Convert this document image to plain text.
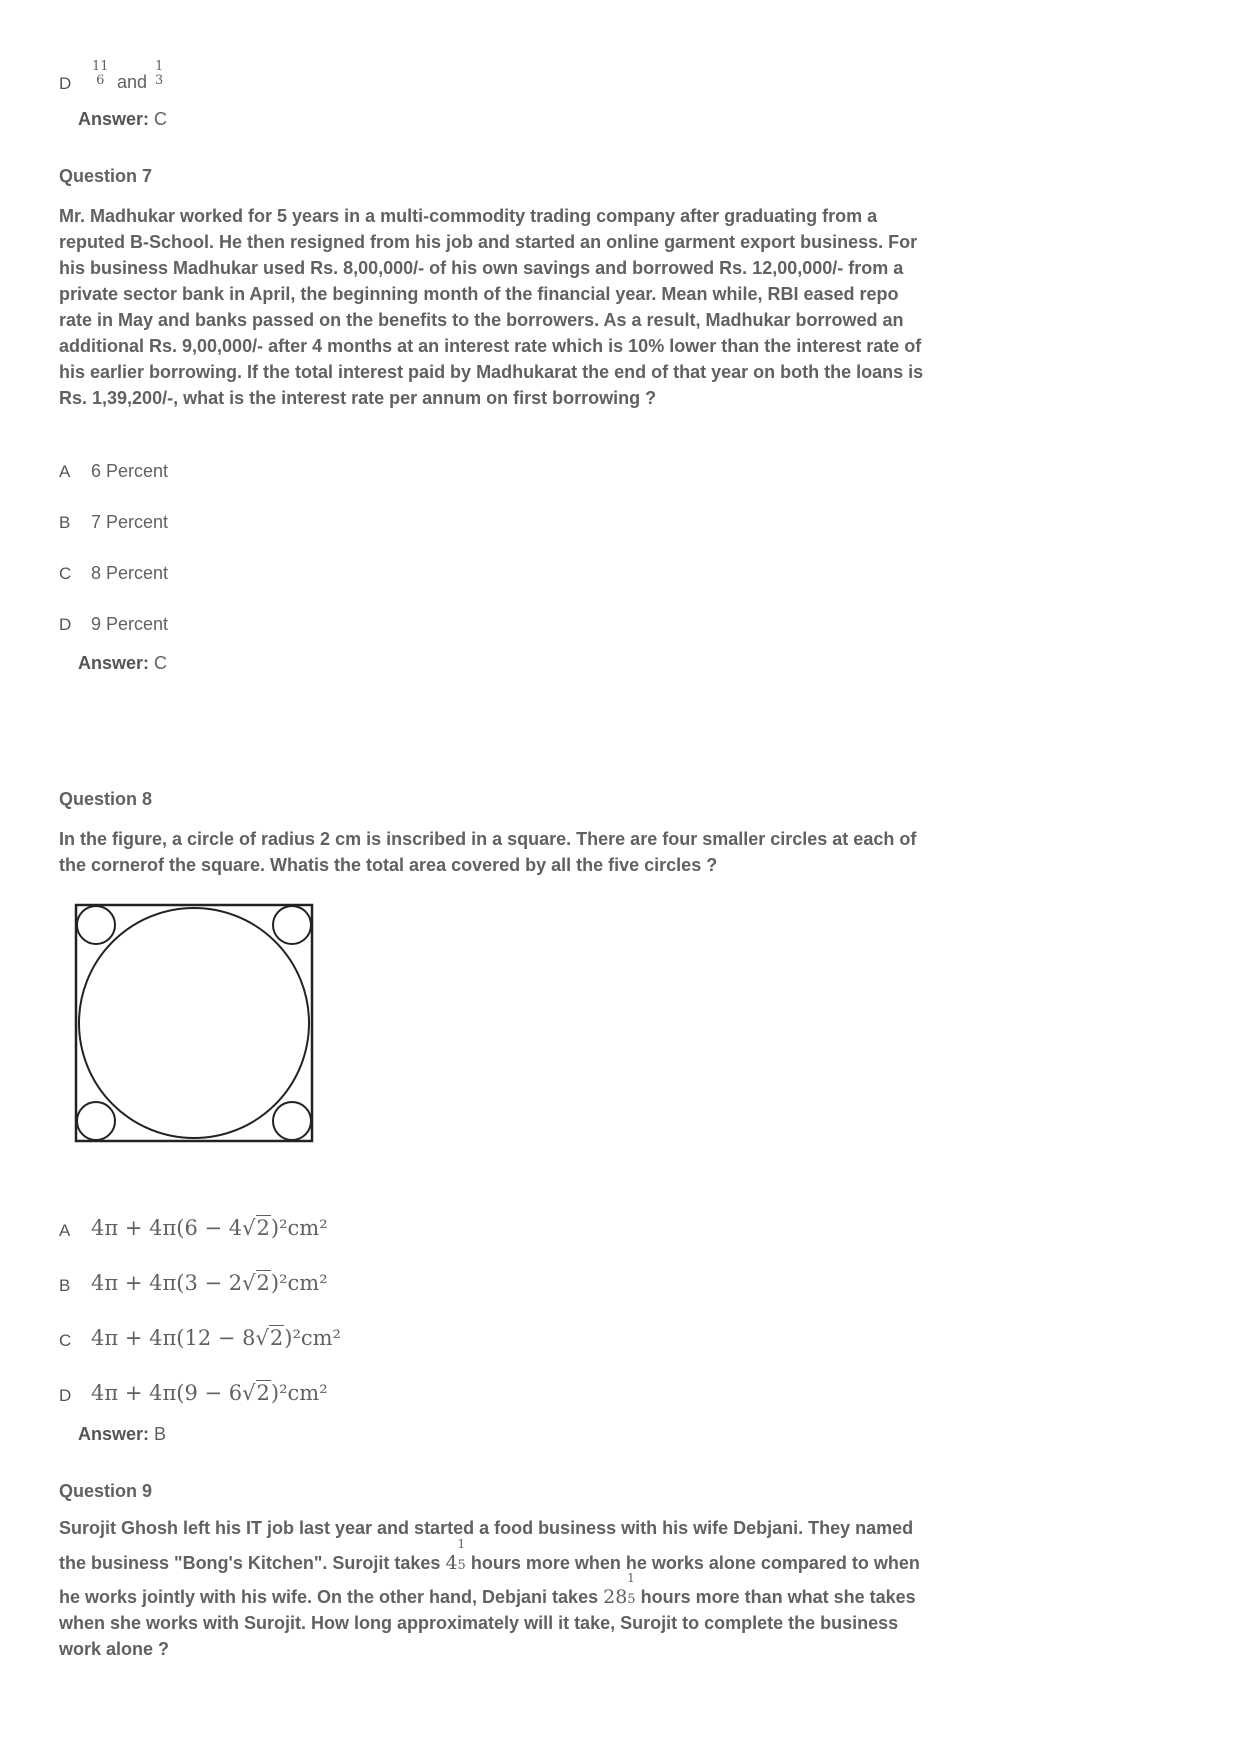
D
11
6 and
1
3
Answer: C
Question 7
Mr. Madhukar worked for 5 years in a multi-commodity trading company after graduating from a
reputed B-School. He then resigned from his job and started an online garment export business. For
his business Madhukar used Rs. 8,00,000/- of his own savings and borrowed Rs. 12,00,000/- from a
private sector bank in April, the beginning month of the financial year. Mean while, RBI eased repo
rate in May and banks passed on the benefits to the borrowers. As a result, Madhukar borrowed an
additional Rs. 9,00,000/- after 4 months at an interest rate which is 10% lower than the interest rate of
his earlier borrowing. If the total interest paid by Madhukarat the end of that year on both the loans is
Rs. 1,39,200/-, what is the interest rate per annum on first borrowing ?
A 6 Percent
B 7 Percent
C 8 Percent
D 9 Percent
Answer: C
Question 8
In the figure, a circle of radius 2 cm is inscribed in a square. There are four smaller circles at each of
the cornerof the square. Whatis the total area covered by all the five circles ?
A 4π + 4π(6 − 4√2)²cm²
B 4π + 4π(3 − 2√2)²cm²
C 4π + 4π(12 − 8√2)²cm²
D 4π + 4π(9 − 6√2)²cm²
Answer: B
Question 9
Surojit Ghosh left his IT job last year and started a food business with his wife Debjani. They named
the business "Bong's Kitchen". Surojit takes 4
1
5 hours more when he works alone compared to when
he works jointly with his wife. On the other hand, Debjani takes 28
1
5 hours more than what she takes
when she works with Surojit. How long approximately will it take, Surojit to complete the business
work alone ?
